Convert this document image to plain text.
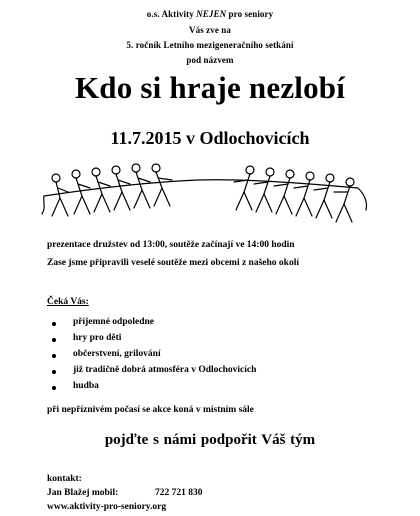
o.s. Aktivity NEJEN pro seniory
Vás zve na
5. ročník Letního mezigeneračního setkání
pod názvem
Kdo si hraje nezlobí
11.7.2015 v Odlochovicích
prezentace družstev od 13:00, soutěže začínají ve 14:00 hodin
Zase jsme připravili veselé soutěže mezi obcemi z našeho okolí
Čeká Vás:
příjemné odpoledne
hry pro děti
občerstvení, grilování
již tradičně dobrá atmosféra v Odlochovicích
hudba
při nepříznivém počasí se akce koná v místním sále
pojďte s námi podpořit Váš tým
kontakt:
Jan Blažej mobil:	722 721 830
www.aktivity-pro-seniory.org
